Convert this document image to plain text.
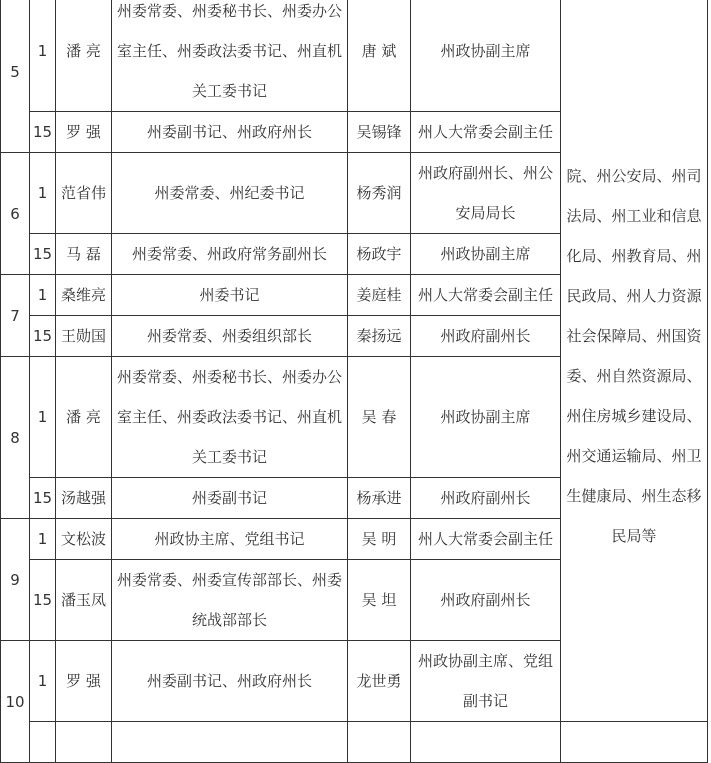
5	1	潘 亮	州委常委、州委秘书长、州委办公室主任、州委政法委书记、州直机关工委书记	唐 斌	州政协副主席	院、州公安局、州司法局、州工业和信息化局、州教育局、州民政局、州人力资源社会保障局、州国资委、州自然资源局、州住房城乡建设局、州交通运输局、州卫生健康局、州生态移民局等
	15	罗 强	州委副书记、州政府州长	吴锡锋	州人大常委会副主任	
6	1	范省伟	州委常委、州纪委书记	杨秀润	州政府副州长、州公安局局长	
	15	马 磊	州委常委、州政府常务副州长	杨政宇	州政协副主席	
7	1	桑维亮	州委书记	姜庭桂	州人大常委会副主任	
	15	王勋国	州委常委、州委组织部长	秦扬远	州政府副州长	
8	1	潘 亮	州委常委、州委秘书长、州委办公室主任、州委政法委书记、州直机关工委书记	吴 春	州政协副主席	
	15	汤越强	州委副书记	杨承进	州政府副州长	
9	1	文松波	州政协主席、党组书记	吴 明	州人大常委会副主任	
	15	潘玉凤	州委常委、州委宣传部部长、州委统战部部长	吴 坦	州政府副州长	
10	1	罗 强	州委副书记、州政府州长	龙世勇	州政协副主席、党组副书记	
